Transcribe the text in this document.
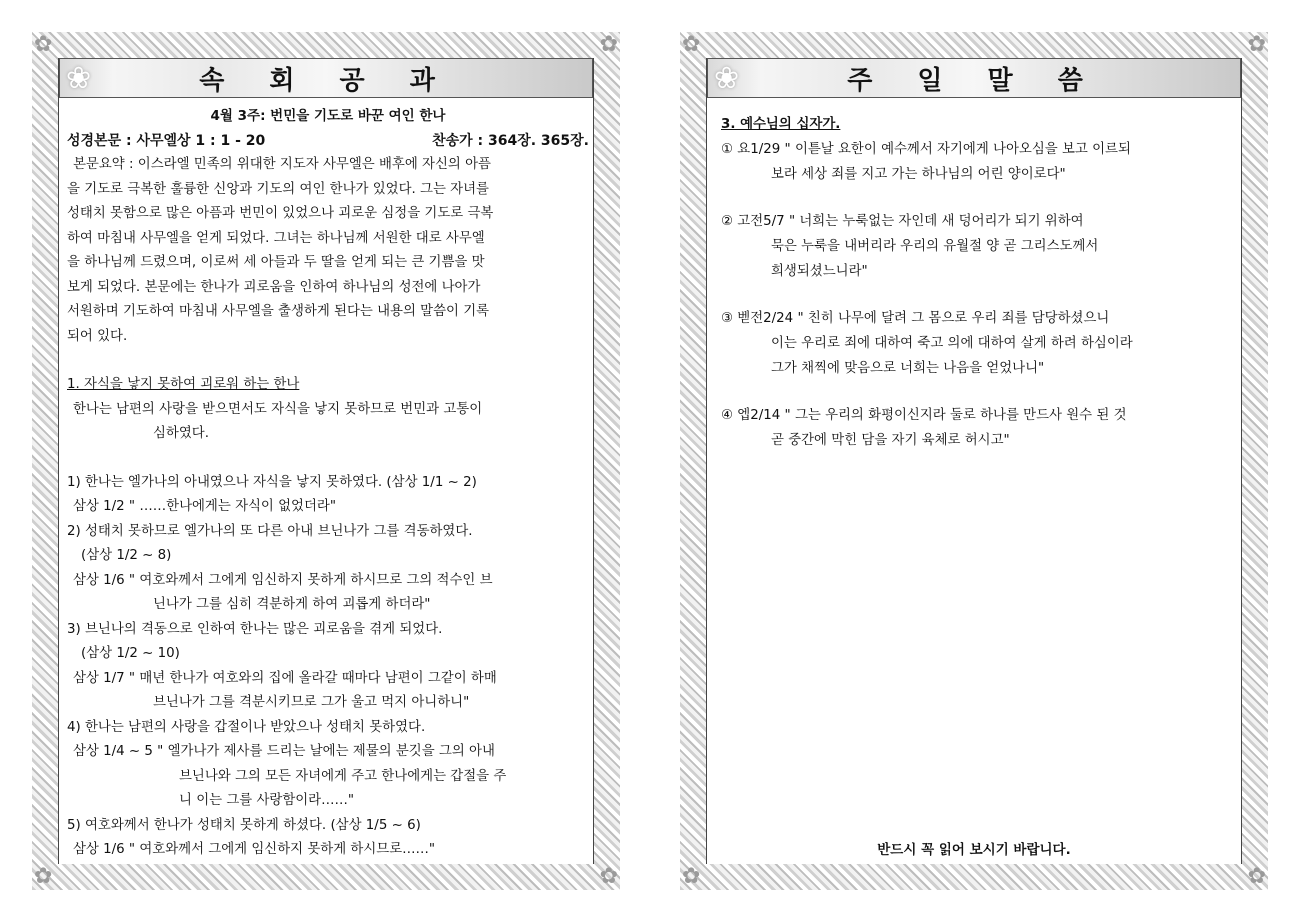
✿	✿
✿	✿
❀	속 회 공 과
4월 3주: 번민을 기도로 바꾼 여인 한나
성경본문 : 사무엘상 1 : 1 - 20	찬송가 : 364장. 365장.
본문요약 : 이스라엘 민족의 위대한 지도자 사무엘은 배후에 자신의 아픔
을 기도로 극복한 훌륭한 신앙과 기도의 여인 한나가 있었다. 그는 자녀를
성태치 못함으로 많은 아픔과 번민이 있었으나 괴로운 심정을 기도로 극복
하여 마침내 사무엘을 얻게 되었다. 그녀는 하나님께 서원한 대로 사무엘
을 하나님께 드렸으며, 이로써 세 아들과 두 딸을 얻게 되는 큰 기쁨을 맛
보게 되었다. 본문에는 한나가 괴로움을 인하여 하나님의 성전에 나아가
서원하며 기도하여 마침내 사무엘을 출생하게 된다는 내용의 말씀이 기록
되어 있다.
1. 자식을 낳지 못하여 괴로워 하는 한나
한나는 남편의 사랑을 받으면서도 자식을 낳지 못하므로 번민과 고통이
심하였다.
1) 한나는 엘가나의 아내였으나 자식을 낳지 못하였다. (삼상 1/1 ~ 2)
삼상 1/2 " ……한나에게는 자식이 없었더라"
2) 성태치 못하므로 엘가나의 또 다른 아내 브닌나가 그를 격동하였다.
(삼상 1/2 ~ 8)
삼상 1/6 " 여호와께서 그에게 임신하지 못하게 하시므로 그의 적수인 브
닌나가 그를 심히 격분하게 하여 괴롭게 하더라"
3) 브닌나의 격동으로 인하여 한나는 많은 괴로움을 겪게 되었다.
(삼상 1/2 ~ 10)
삼상 1/7 " 매년 한나가 여호와의 집에 올라갈 때마다 남편이 그같이 하매
브닌나가 그를 격분시키므로 그가 울고 먹지 아니하니"
4) 한나는 남편의 사랑을 갑절이나 받았으나 성태치 못하였다.
삼상 1/4 ~ 5 " 엘가나가 제사를 드리는 날에는 제물의 분깃을 그의 아내
브닌나와 그의 모든 자녀에게 주고 한나에게는 갑절을 주
니 이는 그를 사랑함이라……"
5) 여호와께서 한나가 성태치 못하게 하셨다. (삼상 1/5 ~ 6)
삼상 1/6 " 여호와께서 그에게 임신하지 못하게 하시므로……"
✿	✿
✿	✿
❀	주 일 말 씀
3. 예수님의 십자가.
① 요1/29 " 이튿날 요한이 예수께서 자기에게 나아오심을 보고 이르되
보라 세상 죄를 지고 가는 하나님의 어린 양이로다"
② 고전5/7 " 너희는 누룩없는 자인데 새 덩어리가 되기 위하여
묵은 누룩을 내버리라 우리의 유월절 양 곧 그리스도께서
희생되셨느니라"
③ 벧전2/24 " 친히 나무에 달려 그 몸으로 우리 죄를 담당하셨으니
이는 우리로 죄에 대하여 죽고 의에 대하여 살게 하려 하심이라
그가 채찍에 맞음으로 너희는 나음을 얻었나니"
④ 엡2/14 " 그는 우리의 화평이신지라 둘로 하나를 만드사 원수 된 것
곧 중간에 막힌 담을 자기 육체로 허시고"
반드시 꼭 읽어 보시기 바랍니다.
